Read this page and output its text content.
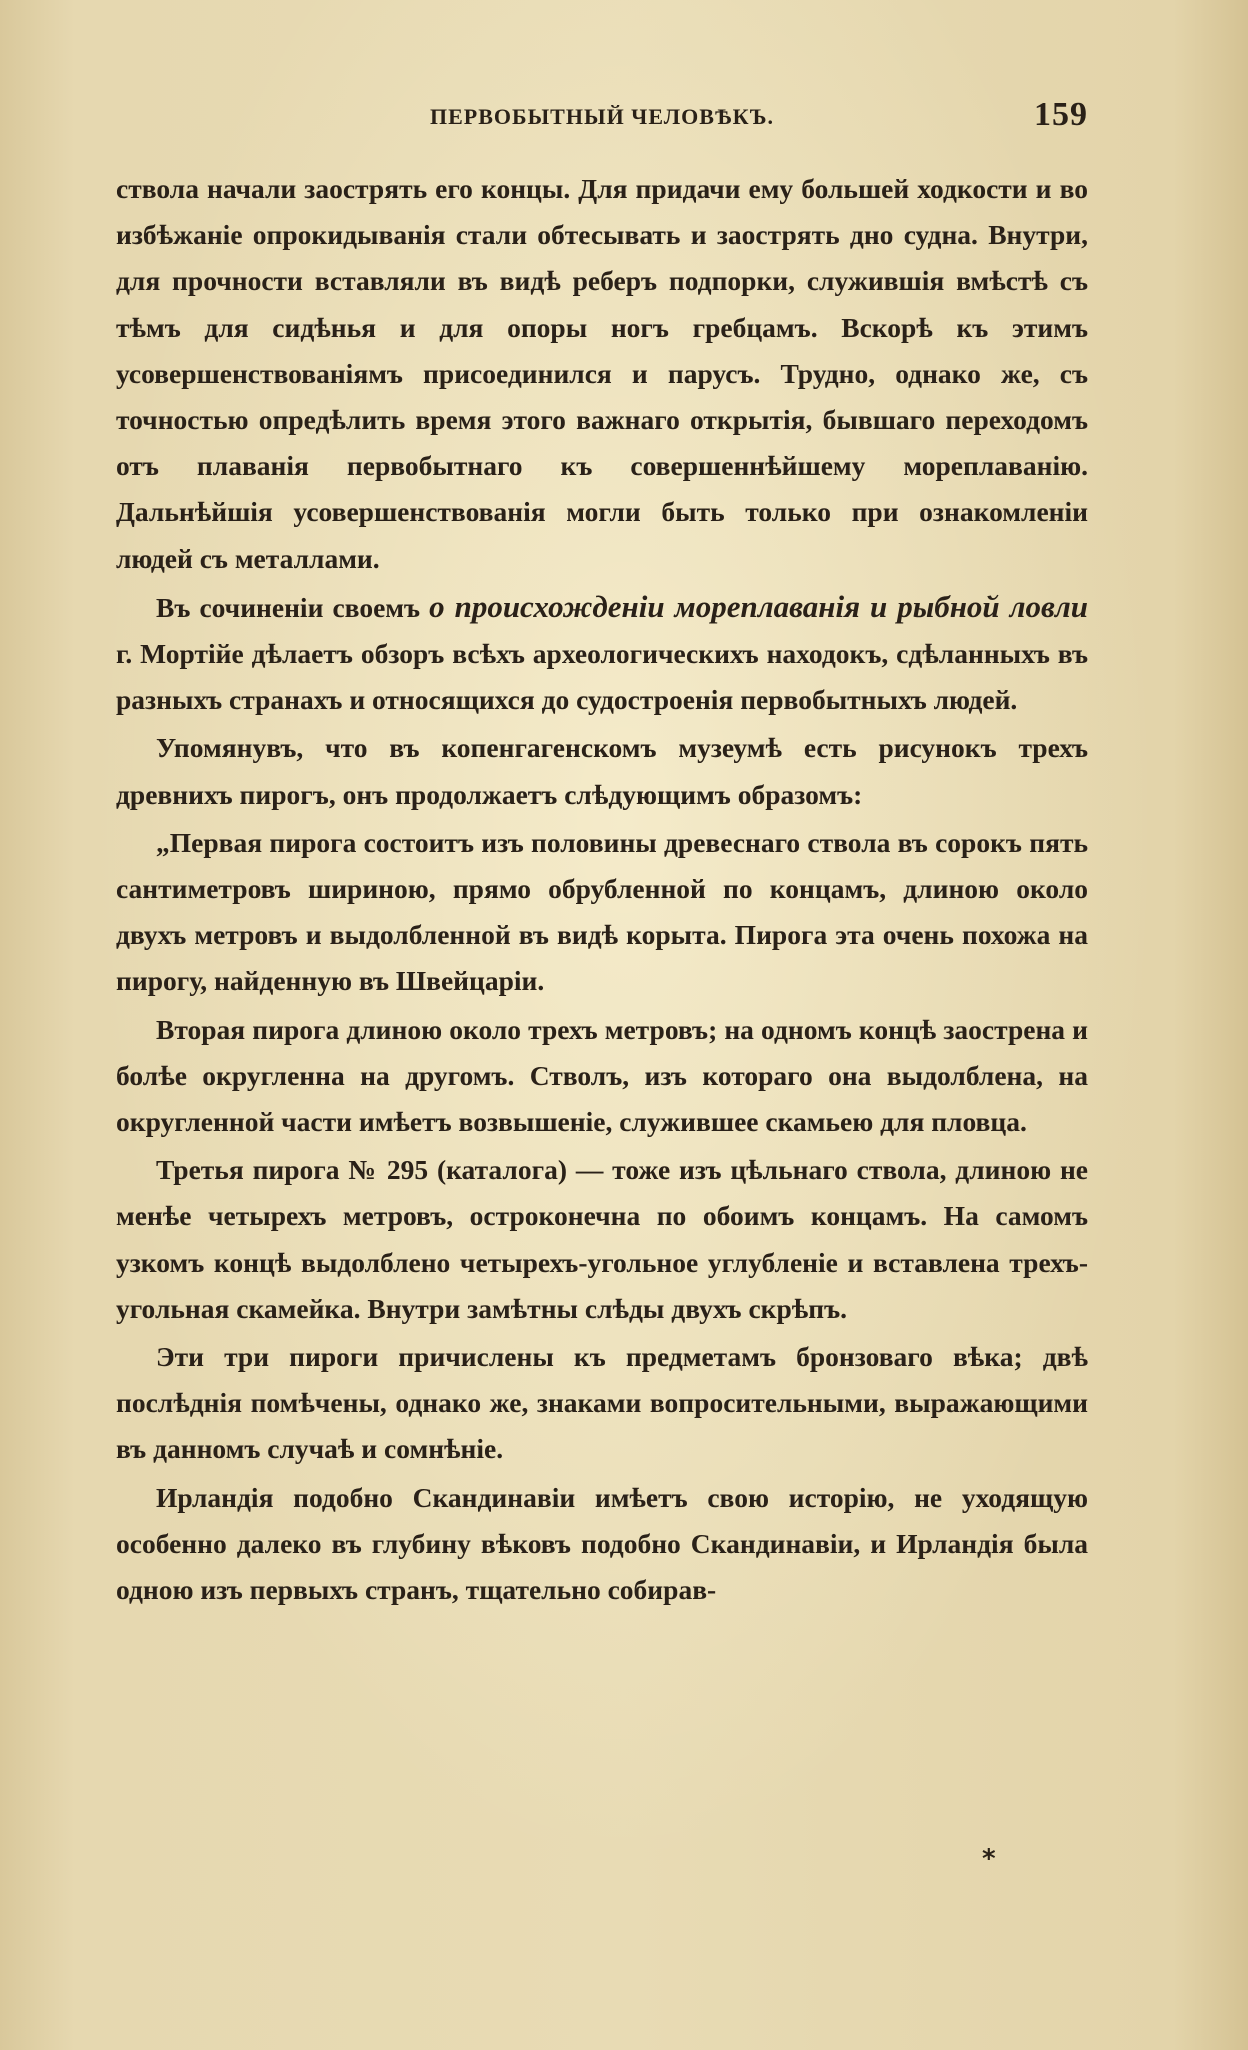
ПЕРВОБЫТНЫЙ ЧЕЛОВѢКЪ.	159

ствола начали заострять его концы. Для придачи ему большей ходкости и во избѣжаніе опрокидыванія стали обтесывать и заострять дно судна. Внутри, для прочности вставляли въ видѣ реберъ подпорки, служившія вмѣстѣ съ тѣмъ для сидѣнья и для опоры ногъ гребцамъ. Вскорѣ къ этимъ усовершенствованіямъ присоединился и парусъ. Трудно, однако же, съ точностью опредѣлить время этого важнаго открытія, бывшаго переходомъ отъ плаванія первобытнаго къ совершеннѣйшему мореплаванію. Дальнѣйшія усовершенствованія могли быть только при ознакомленіи людей съ металлами.

Въ сочиненіи своемъ о происхожденіи мореплаванія и рыбной ловли г. Мортійе дѣлаетъ обзоръ всѣхъ археологическихъ находокъ, сдѣланныхъ въ разныхъ странахъ и относящихся до судостроенія первобытныхъ людей.

Упомянувъ, что въ копенгагенскомъ музеумѣ есть рисунокъ трехъ древнихъ пирогъ, онъ продолжаетъ слѣдующимъ образомъ:

„Первая пирога состоитъ изъ половины древеснаго ствола въ сорокъ пять сантиметровъ шириною, прямо обрубленной по концамъ, длиною около двухъ метровъ и выдолбленной въ видѣ корыта. Пирога эта очень похожа на пирогу, найденную въ Швейцаріи.

Вторая пирога длиною около трехъ метровъ; на одномъ концѣ заострена и болѣе округленна на другомъ. Стволъ, изъ котораго она выдолблена, на округленной части имѣетъ возвышеніе, служившее скамьею для пловца.

Третья пирога № 295 (каталога) — тоже изъ цѣльнаго ствола, длиною не менѣе четырехъ метровъ, остроконечна по обоимъ концамъ. На самомъ узкомъ концѣ выдолблено четырехъ-угольное углубленіе и вставлена трехъ-угольная скамейка. Внутри замѣтны слѣды двухъ скрѣпъ.

Эти три пироги причислены къ предметамъ бронзоваго вѣка; двѣ послѣднія помѣчены, однако же, знаками вопросительными, выражающими въ данномъ случаѣ и сомнѣніе.

Ирландія подобно Скандинавіи имѣетъ свою исторію, не уходящую особенно далеко въ глубину вѣковъ подобно Скандинавіи, и Ирландія была одною изъ первыхъ странъ, тщательно собирав-

*
